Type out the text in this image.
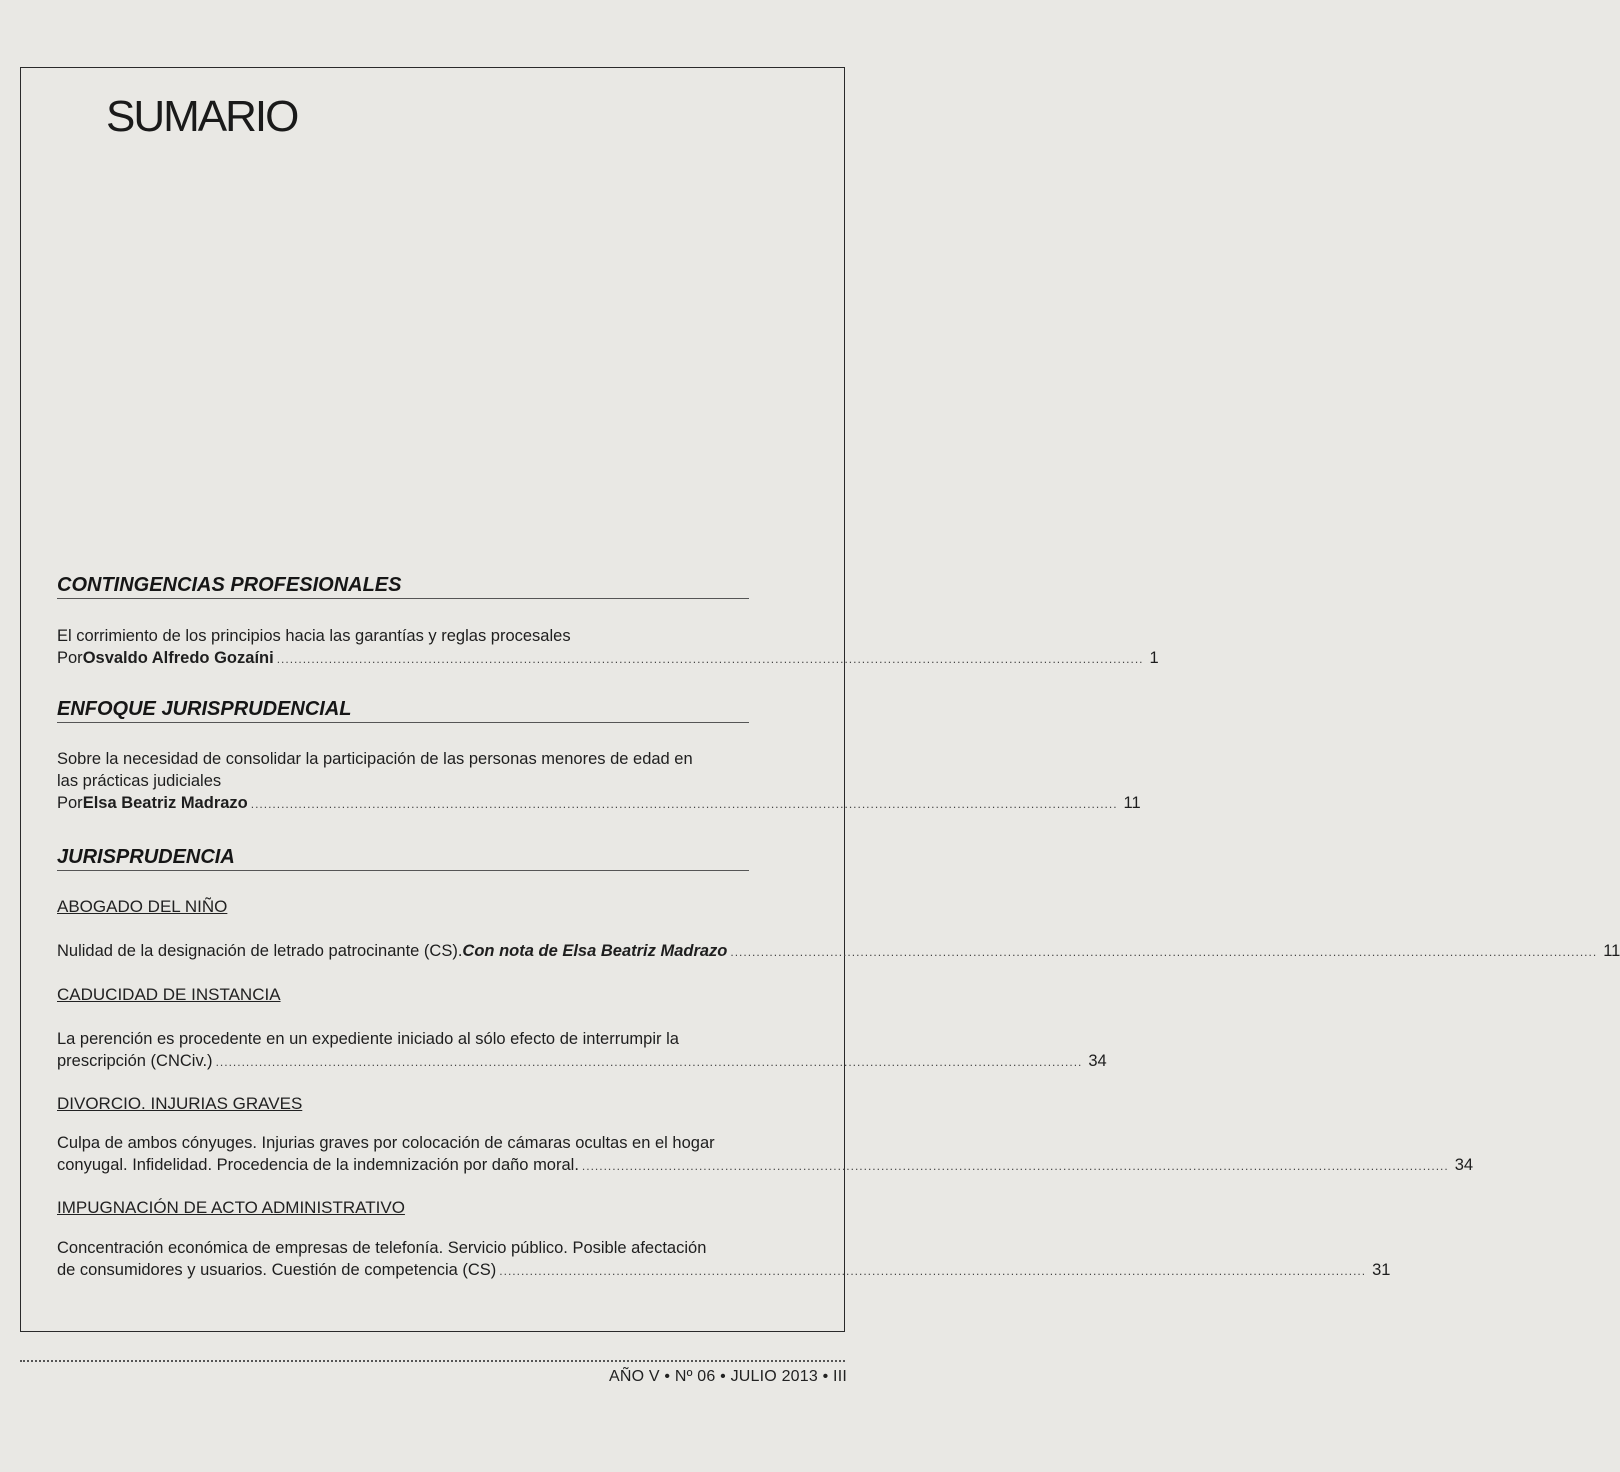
SUMARIO
CONTINGENCIAS PROFESIONALES
El corrimiento de los principios hacia las garantías y reglas procesales
Por Osvaldo Alfredo Gozaíni ........................................................................................................................................................................................................ 1
ENFOQUE JURISPRUDENCIAL
Sobre la necesidad de consolidar la participación de las personas menores de edad en
las prácticas judiciales
Por Elsa Beatriz Madrazo ........................................................................................................................................................................................................ 11
JURISPRUDENCIA
ABOGADO DEL NIÑO
Nulidad de la designación de letrado patrocinante (CS). Con nota de Elsa Beatriz Madrazo ........................................................................................................................................................................................................ 11
CADUCIDAD DE INSTANCIA
La perención es procedente en un expediente iniciado al sólo efecto de interrumpir la
prescripción (CNCiv.) ........................................................................................................................................................................................................ 34
DIVORCIO. INJURIAS GRAVES
Culpa de ambos cónyuges. Injurias graves por colocación de cámaras ocultas en el hogar
conyugal. Infidelidad. Procedencia de la indemnización por daño moral. ........................................................................................................................................................................................................ 34
IMPUGNACIÓN DE ACTO ADMINISTRATIVO
Concentración económica de empresas de telefonía. Servicio público. Posible afectación
de consumidores y usuarios. Cuestión de competencia (CS) ........................................................................................................................................................................................................ 31
AÑO V • Nº 06 • JULIO 2013 • III
